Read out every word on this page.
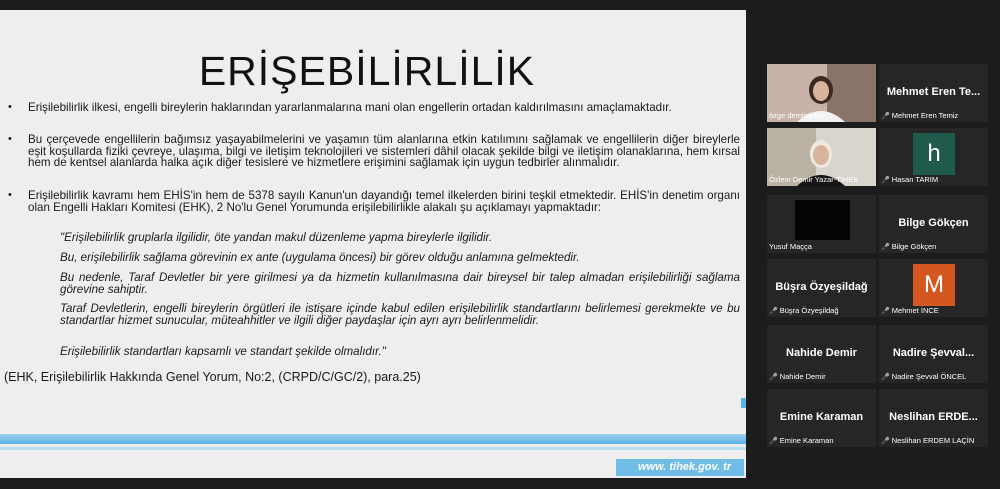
ERİŞEBİLİRLİLİK
• Erişilebilirlik ilkesi, engelli bireylerin haklarından yararlanmalarına mani olan engellerin ortadan kaldırılmasını amaçlamaktadır.
• Bu çerçevede engellilerin bağımsız yaşayabilmelerini ve yaşamın tüm alanlarına etkin katılımını sağlamak ve engellilerin diğer bireylerle eşit koşullarda fiziki çevreye, ulaşıma, bilgi ve iletişim teknolojileri ve sistemleri dâhil olacak şekilde bilgi ve iletişim olanaklarına, hem kırsal hem de kentsel alanlarda halka açık diğer tesislere ve hizmetlere erişimini sağlamak için uygun tedbirler alınmalıdır.
• Erişilebilirlik kavramı hem EHİS'in hem de 5378 sayılı Kanun'un dayandığı temel ilkelerden birini teşkil etmektedir. EHİS'in denetim organı olan Engelli Hakları Komitesi (EHK), 2 No'lu Genel Yorumunda erişilebilirlikle alakalı şu açıklamayı yapmaktadır:
"Erişilebilirlik gruplarla ilgilidir, öte yandan makul düzenleme yapma bireylerle ilgilidir.
Bu, erişilebilirlik sağlama görevinin ex ante (uygulama öncesi) bir görev olduğu anlamına gelmektedir.
Bu nedenle, Taraf Devletler bir yere girilmesi ya da hizmetin kullanılmasına dair bireysel bir talep almadan erişilebilirliği sağlama görevine sahiptir.
Taraf Devletlerin, engelli bireylerin örgütleri ile istişare içinde kabul edilen erişilebilirlik standartlarını belirlemesi gerekmekte ve bu standartlar hizmet sunucular, müteahhitler ve ilgili diğer paydaşlar için ayrı ayrı belirlenmelidir.
Erişilebilirlik standartları kapsamlı ve standart şekilde olmalıdır."
(EHK, Erişilebilirlik Hakkında Genel Yorum, No:2, (CRPD/C/GC/2), para.25)
www. tihek.gov. tr
özge demirdelen
Mehmet Eren Te...
🎤 Mehmet Eren Temiz
Özlem Demir Yazar-TİHEK
h
🎤 Hasan TARIM
Yusuf Maçça
Bilge Gökçen
🎤 Bilge Gökçen
Büşra Özyeşildağ
🎤 Büşra Özyeşildağ
M
🎤 Mehmet İNCE
Nahide Demir
🎤 Nahide Demir
Nadire Şevval...
🎤 Nadire Şevval ÖNCEL
Emine Karaman
🎤 Emine Karaman
Neslihan ERDE...
🎤 Neslihan ERDEM LAÇİN
